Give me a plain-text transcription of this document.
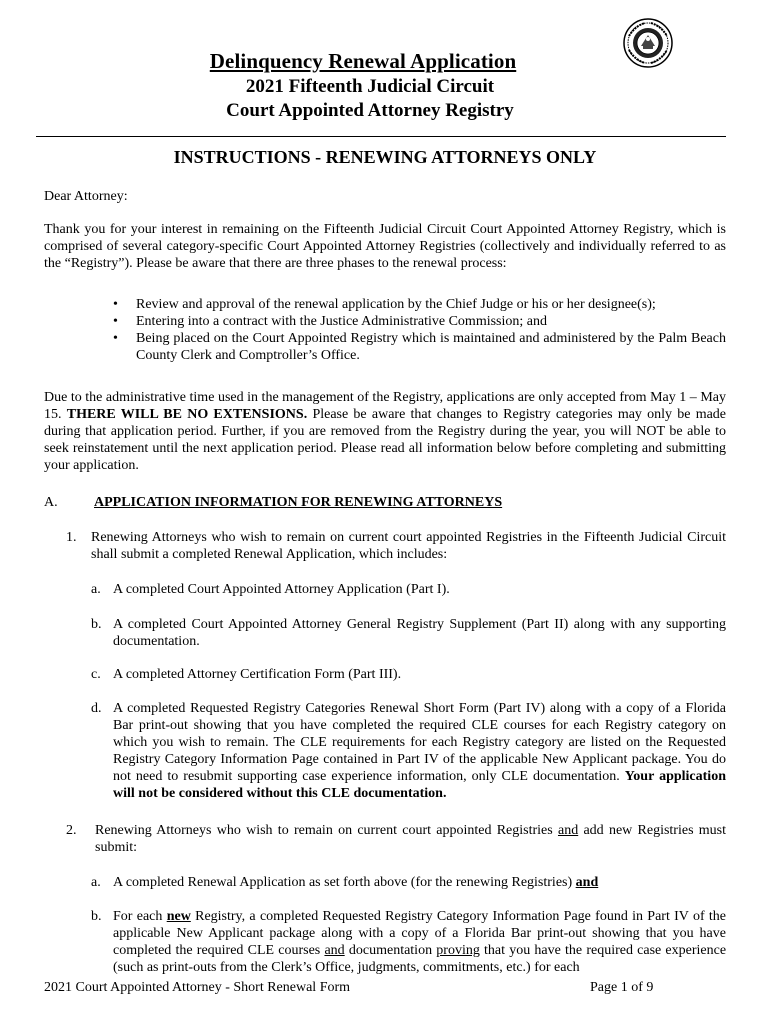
Delinquency Renewal Application
2021 Fifteenth Judicial Circuit
Court Appointed Attorney Registry
INSTRUCTIONS - RENEWING ATTORNEYS ONLY
Dear Attorney:
Thank you for your interest in remaining on the Fifteenth Judicial Circuit Court Appointed Attorney Registry, which is comprised of several category-specific Court Appointed Attorney Registries (collectively and individually referred to as the “Registry”). Please be aware that there are three phases to the renewal process:
• Review and approval of the renewal application by the Chief Judge or his or her designee(s);
• Entering into a contract with the Justice Administrative Commission; and
• Being placed on the Court Appointed Registry which is maintained and administered by the Palm Beach County Clerk and Comptroller’s Office.
Due to the administrative time used in the management of the Registry, applications are only accepted from May 1 – May 15. THERE WILL BE NO EXTENSIONS. Please be aware that changes to Registry categories may only be made during that application period. Further, if you are removed from the Registry during the year, you will NOT be able to seek reinstatement until the next application period. Please read all information below before completing and submitting your application.
A.	APPLICATION INFORMATION FOR RENEWING ATTORNEYS
1. Renewing Attorneys who wish to remain on current court appointed Registries in the Fifteenth Judicial Circuit shall submit a completed Renewal Application, which includes:
a. A completed Court Appointed Attorney Application (Part I).
b. A completed Court Appointed Attorney General Registry Supplement (Part II) along with any supporting documentation.
c. A completed Attorney Certification Form (Part III).
d. A completed Requested Registry Categories Renewal Short Form (Part IV) along with a copy of a Florida Bar print-out showing that you have completed the required CLE courses for each Registry category on which you wish to remain. The CLE requirements for each Registry category are listed on the Requested Registry Category Information Page contained in Part IV of the applicable New Applicant package. You do not need to resubmit supporting case experience information, only CLE documentation. Your application will not be considered without this CLE documentation.
2. Renewing Attorneys who wish to remain on current court appointed Registries and add new Registries must submit:
a. A completed Renewal Application as set forth above (for the renewing Registries) and
b. For each new Registry, a completed Requested Registry Category Information Page found in Part IV of the applicable New Applicant package along with a copy of a Florida Bar print-out showing that you have completed the required CLE courses and documentation proving that you have the required case experience (such as print-outs from the Clerk’s Office, judgments, commitments, etc.) for each
2021 Court Appointed Attorney - Short Renewal Form	Page 1 of 9
